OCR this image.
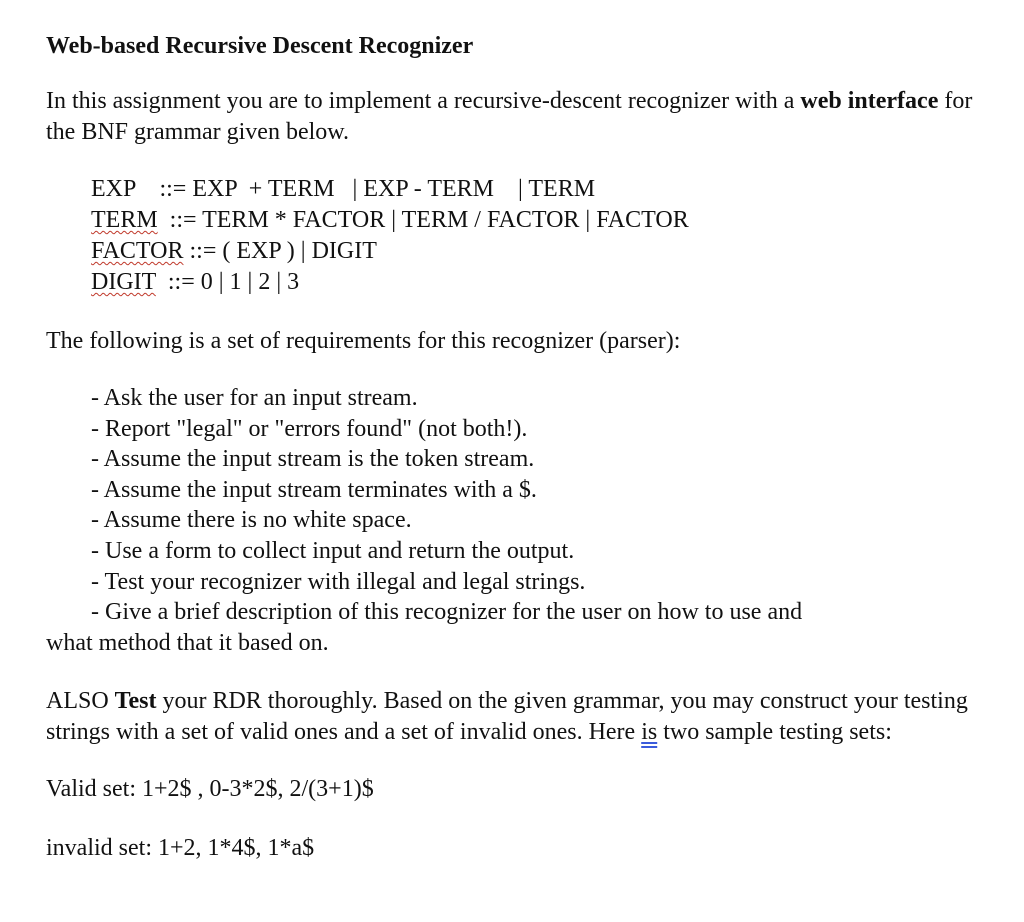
Web-based Recursive Descent Recognizer

In this assignment you are to implement a recursive-descent recognizer with a web interface for the BNF grammar given below.

EXP    ::= EXP  + TERM   | EXP - TERM    | TERM
TERM  ::= TERM * FACTOR | TERM / FACTOR | FACTOR
FACTOR ::= ( EXP ) | DIGIT
DIGIT  ::= 0 | 1 | 2 | 3

The following is a set of requirements for this recognizer (parser):

- Ask the user for an input stream.
- Report "legal" or "errors found" (not both!).
- Assume the input stream is the token stream.
- Assume the input stream terminates with a $.
- Assume there is no white space.
- Use a form to collect input and return the output.
- Test your recognizer with illegal and legal strings.
- Give a brief description of this recognizer for the user on how to use and
what method that it based on.

ALSO Test your RDR thoroughly. Based on the given grammar, you may construct your testing strings with a set of valid ones and a set of invalid ones. Here is two sample testing sets:

Valid set: 1+2$ , 0-3*2$, 2/(3+1)$

invalid set: 1+2, 1*4$, 1*a$
